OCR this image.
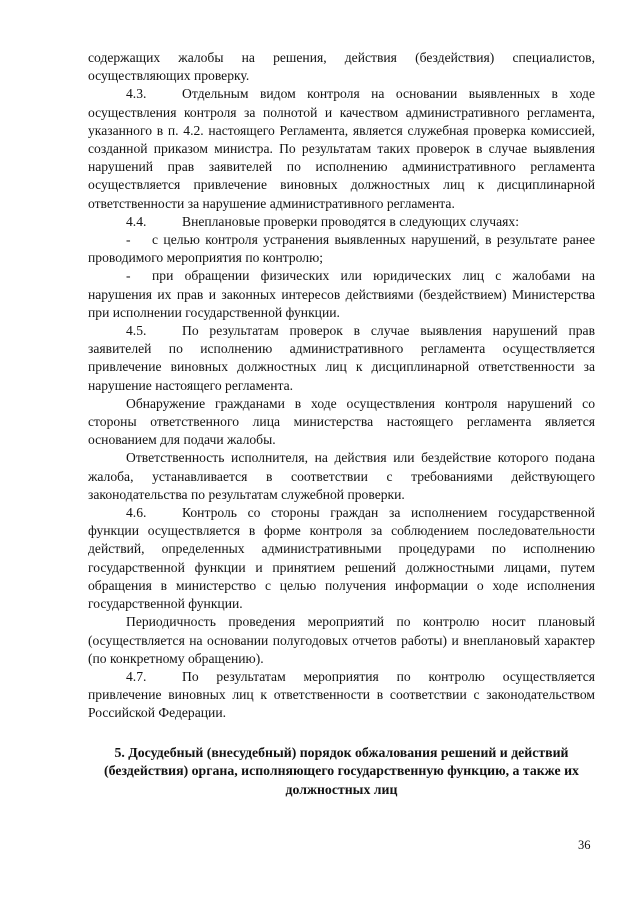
содержащих жалобы на решения, действия (бездействия) специалистов, осуществляющих проверку.

4.3.	Отдельным видом контроля на основании выявленных в ходе осуществления контроля за полнотой и качеством административного регламента, указанного в п. 4.2. настоящего Регламента, является служебная проверка комиссией, созданной приказом министра. По результатам таких проверок в случае выявления нарушений прав заявителей по исполнению административного регламента осуществляется привлечение виновных должностных лиц к дисциплинарной ответственности за нарушение административного регламента.

4.4.	Внеплановые проверки проводятся в следующих случаях:

- с целью контроля устранения выявленных нарушений, в результате ранее проводимого мероприятия по контролю;

- при обращении физических или юридических лиц с жалобами на нарушения их прав и законных интересов действиями (бездействием) Министерства при исполнении государственной функции.

4.5.	По результатам проверок в случае выявления нарушений прав заявителей по исполнению административного регламента осуществляется привлечение виновных должностных лиц к дисциплинарной ответственности за нарушение настоящего регламента.

Обнаружение гражданами в ходе осуществления контроля нарушений со стороны ответственного лица министерства настоящего регламента является основанием для подачи жалобы.

Ответственность исполнителя, на действия или бездействие которого подана жалоба, устанавливается в соответствии с требованиями действующего законодательства по результатам служебной проверки.

4.6.	Контроль со стороны граждан за исполнением государственной функции осуществляется в форме контроля за соблюдением последовательности действий, определенных административными процедурами по исполнению государственной функции и принятием решений должностными лицами, путем обращения в министерство с целью получения информации о ходе исполнения государственной функции.

Периодичность проведения мероприятий по контролю носит плановый (осуществляется на основании полугодовых отчетов работы) и внеплановый характер (по конкретному обращению).

4.7.	По результатам мероприятия по контролю осуществляется привлечение виновных лиц к ответственности в соответствии с законодательством Российской Федерации.

5. Досудебный (внесудебный) порядок обжалования решений и действий (бездействия) органа, исполняющего государственную функцию, а также их должностных лиц
36
